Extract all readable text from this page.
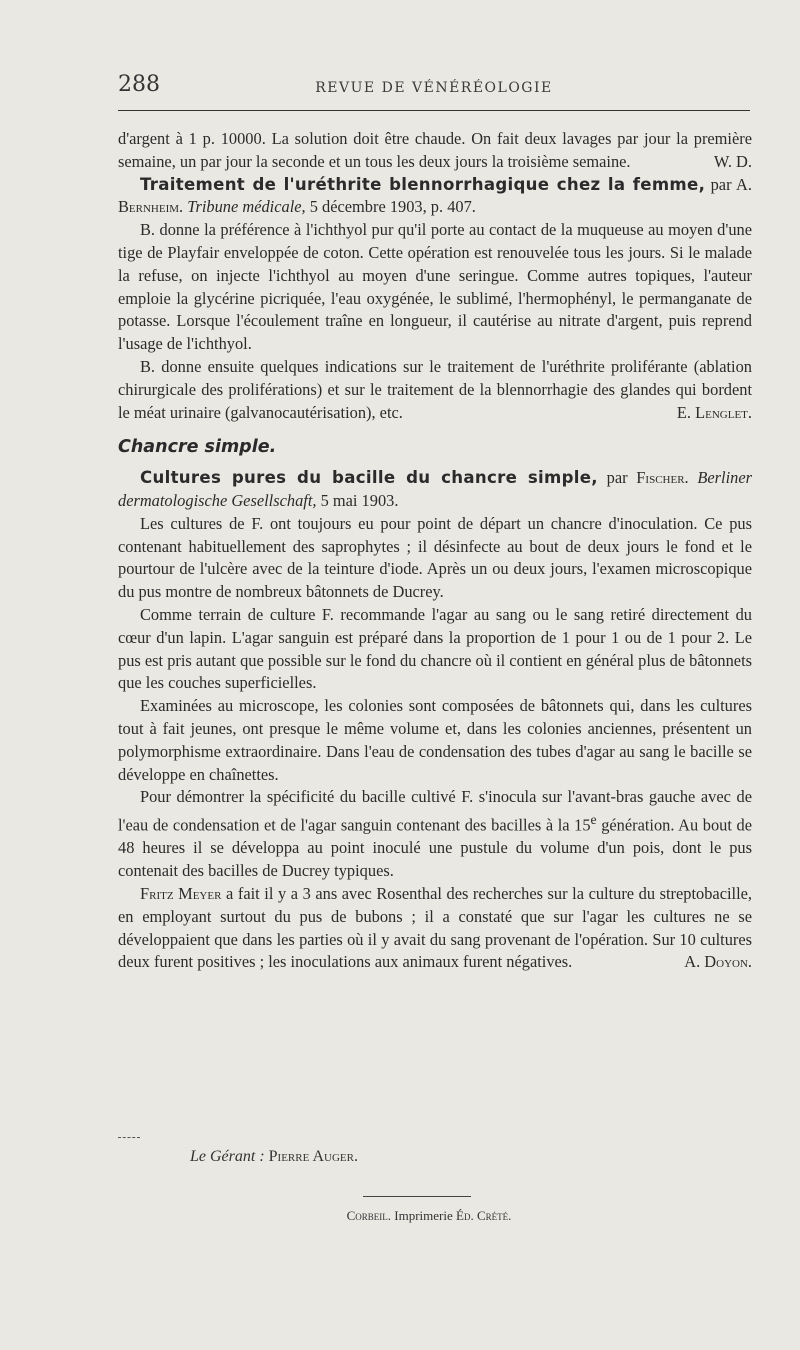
288	REVUE DE VÉNÉRÉOLOGIE

d'argent à 1 p. 10000. La solution doit être chaude. On fait deux lavages par jour la première semaine, un par jour la seconde et un tous les deux jours la troisième semaine.	W. D.

Traitement de l'uréthrite blennorrhagique chez la femme, par A. Bernheim. Tribune médicale, 5 décembre 1903, p. 407.

B. donne la préférence à l'ichthyol pur qu'il porte au contact de la muqueuse au moyen d'une tige de Playfair enveloppée de coton. Cette opération est renouvelée tous les jours. Si le malade la refuse, on injecte l'ichthyol au moyen d'une seringue. Comme autres topiques, l'auteur emploie la glycérine picriquée, l'eau oxygénée, le sublimé, l'hermophényl, le permanganate de potasse. Lorsque l'écoulement traîne en longueur, il cautérise au nitrate d'argent, puis reprend l'usage de l'ichthyol.

B. donne ensuite quelques indications sur le traitement de l'uréthrite proliférante (ablation chirurgicale des proliférations) et sur le traitement de la blennorrhagie des glandes qui bordent le méat urinaire (galvanocautérisation), etc.	E. Lenglet.

Chancre simple.

Cultures pures du bacille du chancre simple, par Fischer. Berliner dermatologische Gesellschaft, 5 mai 1903.

Les cultures de F. ont toujours eu pour point de départ un chancre d'inoculation. Ce pus contenant habituellement des saprophytes ; il désinfecte au bout de deux jours le fond et le pourtour de l'ulcère avec de la teinture d'iode. Après un ou deux jours, l'examen microscopique du pus montre de nombreux bâtonnets de Ducrey.

Comme terrain de culture F. recommande l'agar au sang ou le sang retiré directement du cœur d'un lapin. L'agar sanguin est préparé dans la proportion de 1 pour 1 ou de 1 pour 2. Le pus est pris autant que possible sur le fond du chancre où il contient en général plus de bâtonnets que les couches superficielles.

Examinées au microscope, les colonies sont composées de bâtonnets qui, dans les cultures tout à fait jeunes, ont presque le même volume et, dans les colonies anciennes, présentent un polymorphisme extraordinaire. Dans l'eau de condensation des tubes d'agar au sang le bacille se développe en chaînettes.

Pour démontrer la spécificité du bacille cultivé F. s'inocula sur l'avant-bras gauche avec de l'eau de condensation et de l'agar sanguin contenant des bacilles à la 15e génération. Au bout de 48 heures il se développa au point inoculé une pustule du volume d'un pois, dont le pus contenait des bacilles de Ducrey typiques.

Fritz Meyer a fait il y a 3 ans avec Rosenthal des recherches sur la culture du streptobacille, en employant surtout du pus de bubons ; il a constaté que sur l'agar les cultures ne se développaient que dans les parties où il y avait du sang provenant de l'opération. Sur 10 cultures deux furent positives ; les inoculations aux animaux furent négatives.	A. Doyon.

Le Gérant : Pierre Auger.
Corbeil. Imprimerie Éd. Crété.
